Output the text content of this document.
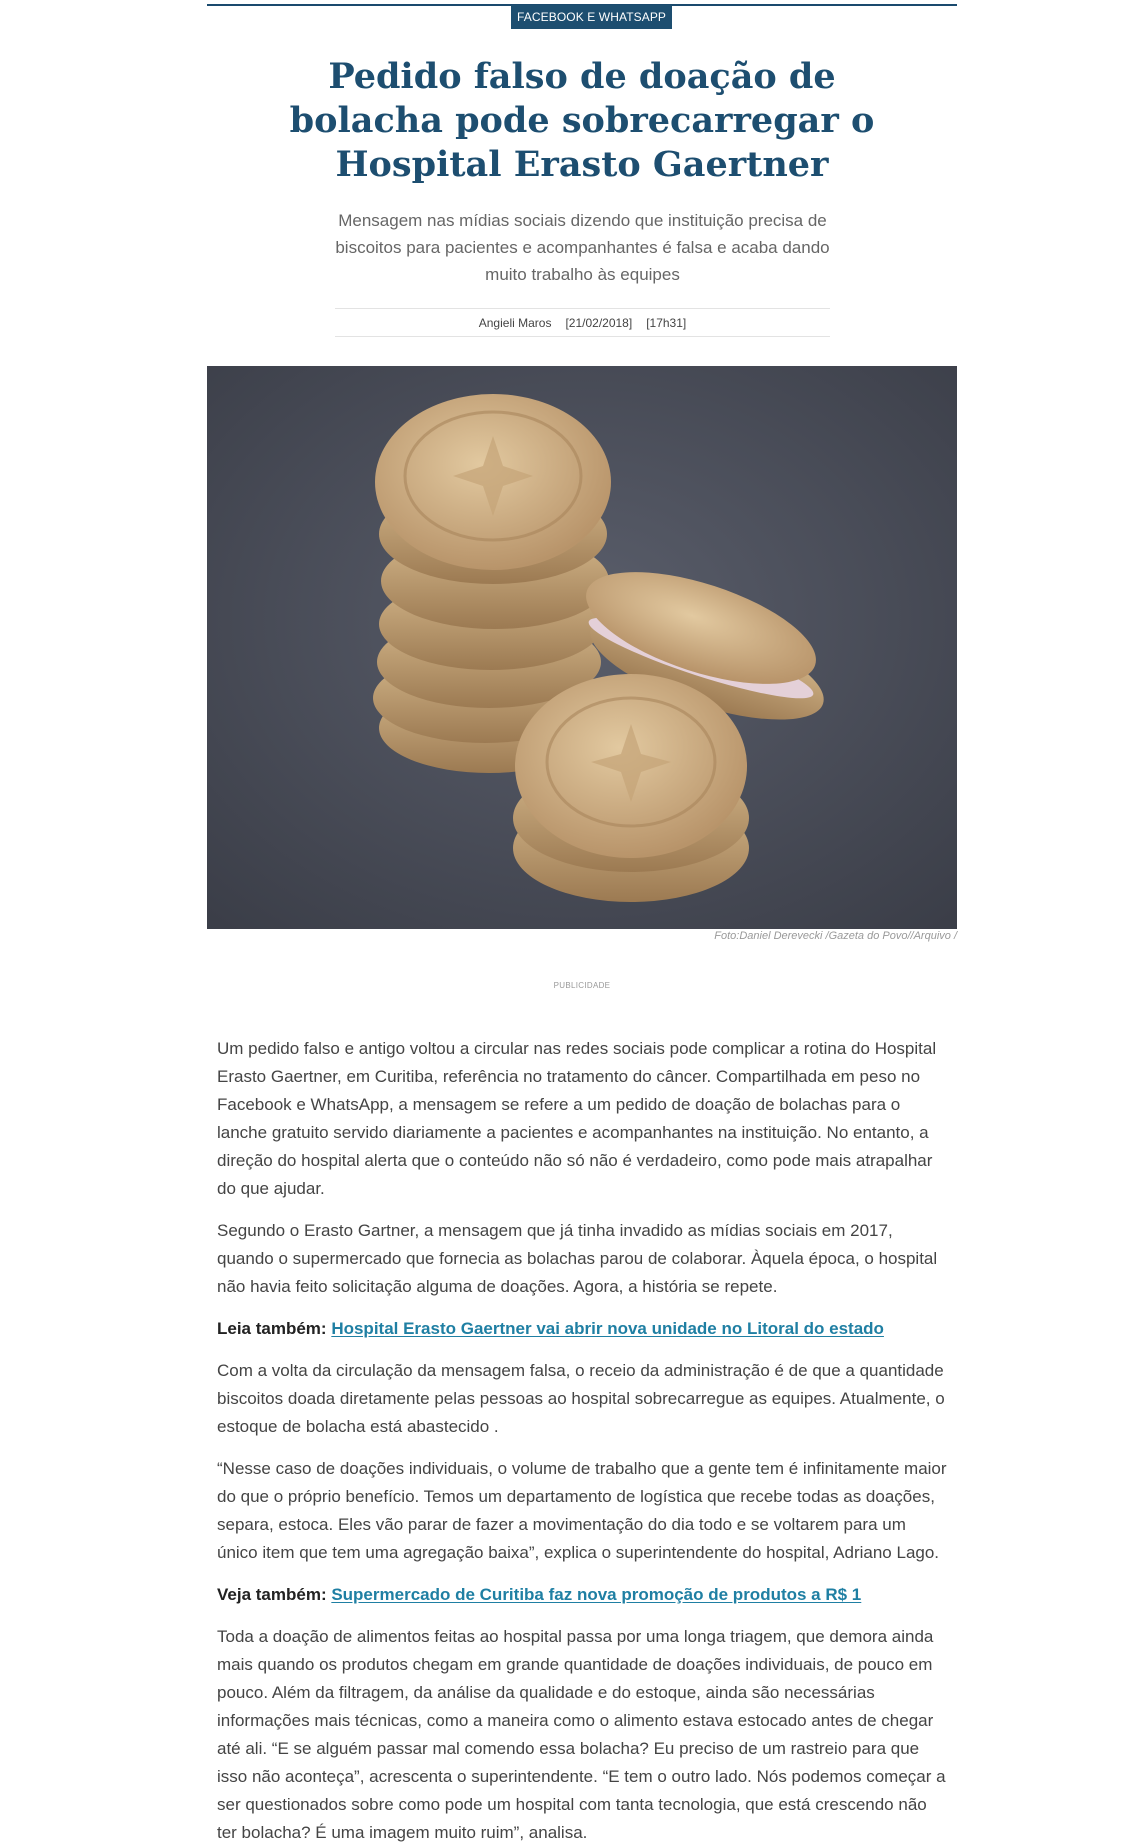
FACEBOOK E WHATSAPP
Pedido falso de doação de bolacha pode sobrecarregar o Hospital Erasto Gaertner

Mensagem nas mídias sociais dizendo que instituição precisa de biscoitos para pacientes e acompanhantes é falsa e acaba dando muito trabalho às equipes

Angieli Maros [21/02/2018] [17h31]
Foto:Daniel Derevecki /Gazeta do Povo//Arquivo /
PUBLICIDADE

Um pedido falso e antigo voltou a circular nas redes sociais pode complicar a rotina do Hospital Erasto Gaertner, em Curitiba, referência no tratamento do câncer. Compartilhada em peso no Facebook e WhatsApp, a mensagem se refere a um pedido de doação de bolachas para o lanche gratuito servido diariamente a pacientes e acompanhantes na instituição. No entanto, a direção do hospital alerta que o conteúdo não só não é verdadeiro, como pode mais atrapalhar do que ajudar.

Segundo o Erasto Gartner, a mensagem que já tinha invadido as mídias sociais em 2017, quando o supermercado que fornecia as bolachas parou de colaborar. Àquela época, o hospital não havia feito solicitação alguma de doações. Agora, a história se repete.

Leia também: Hospital Erasto Gaertner vai abrir nova unidade no Litoral do estado

Com a volta da circulação da mensagem falsa, o receio da administração é de que a quantidade biscoitos doada diretamente pelas pessoas ao hospital sobrecarregue as equipes. Atualmente, o estoque de bolacha está abastecido .

“Nesse caso de doações individuais, o volume de trabalho que a gente tem é infinitamente maior do que o próprio benefício. Temos um departamento de logística que recebe todas as doações, separa, estoca. Eles vão parar de fazer a movimentação do dia todo e se voltarem para um único item que tem uma agregação baixa”, explica o superintendente do hospital, Adriano Lago.

Veja também: Supermercado de Curitiba faz nova promoção de produtos a R$ 1

Toda a doação de alimentos feitas ao hospital passa por uma longa triagem, que demora ainda mais quando os produtos chegam em grande quantidade de doações individuais, de pouco em pouco. Além da filtragem, da análise da qualidade e do estoque, ainda são necessárias informações mais técnicas, como a maneira como o alimento estava estocado antes de chegar até ali. “E se alguém passar mal comendo essa bolacha? Eu preciso de um rastreio para que isso não aconteça”, acrescenta o superintendente. “E tem o outro lado. Nós podemos começar a ser questionados sobre como pode um hospital com tanta tecnologia, que está crescendo não ter bolacha? É uma imagem muito ruim”, analisa.
